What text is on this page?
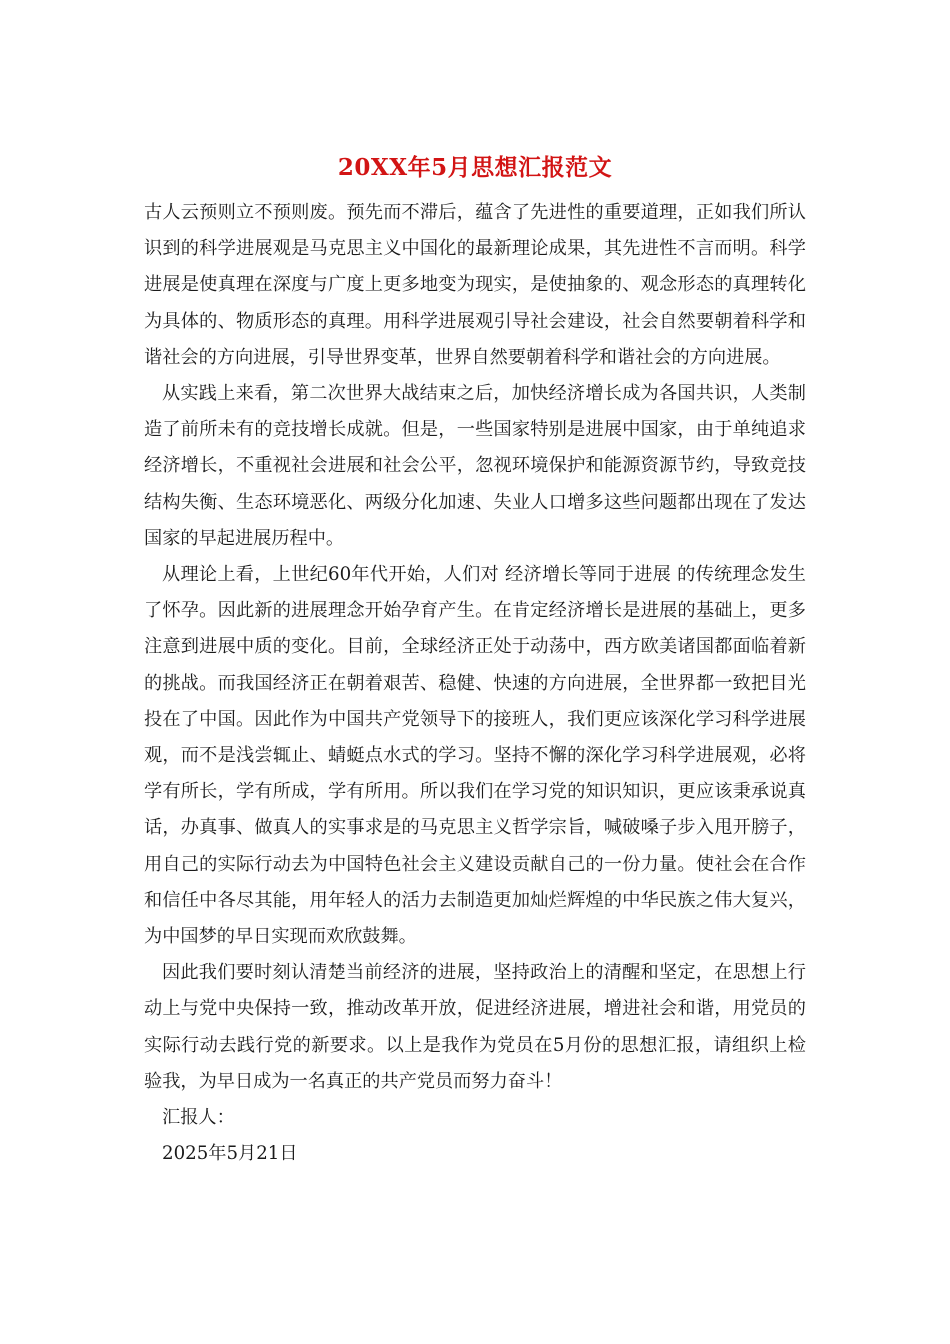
20XX年5月思想汇报范文

古人云预则立不预则废。预先而不滞后，蕴含了先进性的重要道理，正如我们所认识到的科学进展观是马克思主义中国化的最新理论成果，其先进性不言而明。科学进展是使真理在深度与广度上更多地变为现实，是使抽象的、观念形态的真理转化为具体的、物质形态的真理。用科学进展观引导社会建设，社会自然要朝着科学和谐社会的方向进展，引导世界变革，世界自然要朝着科学和谐社会的方向进展。

从实践上来看，第二次世界大战结束之后，加快经济增长成为各国共识，人类制造了前所未有的竞技增长成就。但是，一些国家特别是进展中国家，由于单纯追求经济增长，不重视社会进展和社会公平，忽视环境保护和能源资源节约，导致竞技结构失衡、生态环境恶化、两级分化加速、失业人口增多这些问题都出现在了发达国家的早起进展历程中。

从理论上看，上世纪60年代开始，人们对 经济增长等同于进展 的传统理念发生了怀孕。因此新的进展理念开始孕育产生。在肯定经济增长是进展的基础上，更多注意到进展中质的变化。目前，全球经济正处于动荡中，西方欧美诸国都面临着新的挑战。而我国经济正在朝着艰苦、稳健、快速的方向进展，全世界都一致把目光投在了中国。因此作为中国共产党领导下的接班人，我们更应该深化学习科学进展观，而不是浅尝辄止、蜻蜓点水式的学习。坚持不懈的深化学习科学进展观，必将学有所长，学有所成，学有所用。所以我们在学习党的知识知识，更应该秉承说真话，办真事、做真人的实事求是的马克思主义哲学宗旨，喊破嗓子步入甩开膀子，用自己的实际行动去为中国特色社会主义建设贡献自己的一份力量。使社会在合作和信任中各尽其能，用年轻人的活力去制造更加灿烂辉煌的中华民族之伟大复兴，为中国梦的早日实现而欢欣鼓舞。

因此我们要时刻认清楚当前经济的进展，坚持政治上的清醒和坚定，在思想上行动上与党中央保持一致，推动改革开放，促进经济进展，增进社会和谐，用党员的实际行动去践行党的新要求。以上是我作为党员在5月份的思想汇报，请组织上检验我，为早日成为一名真正的共产党员而努力奋斗！

汇报人：

2025年5月21日
